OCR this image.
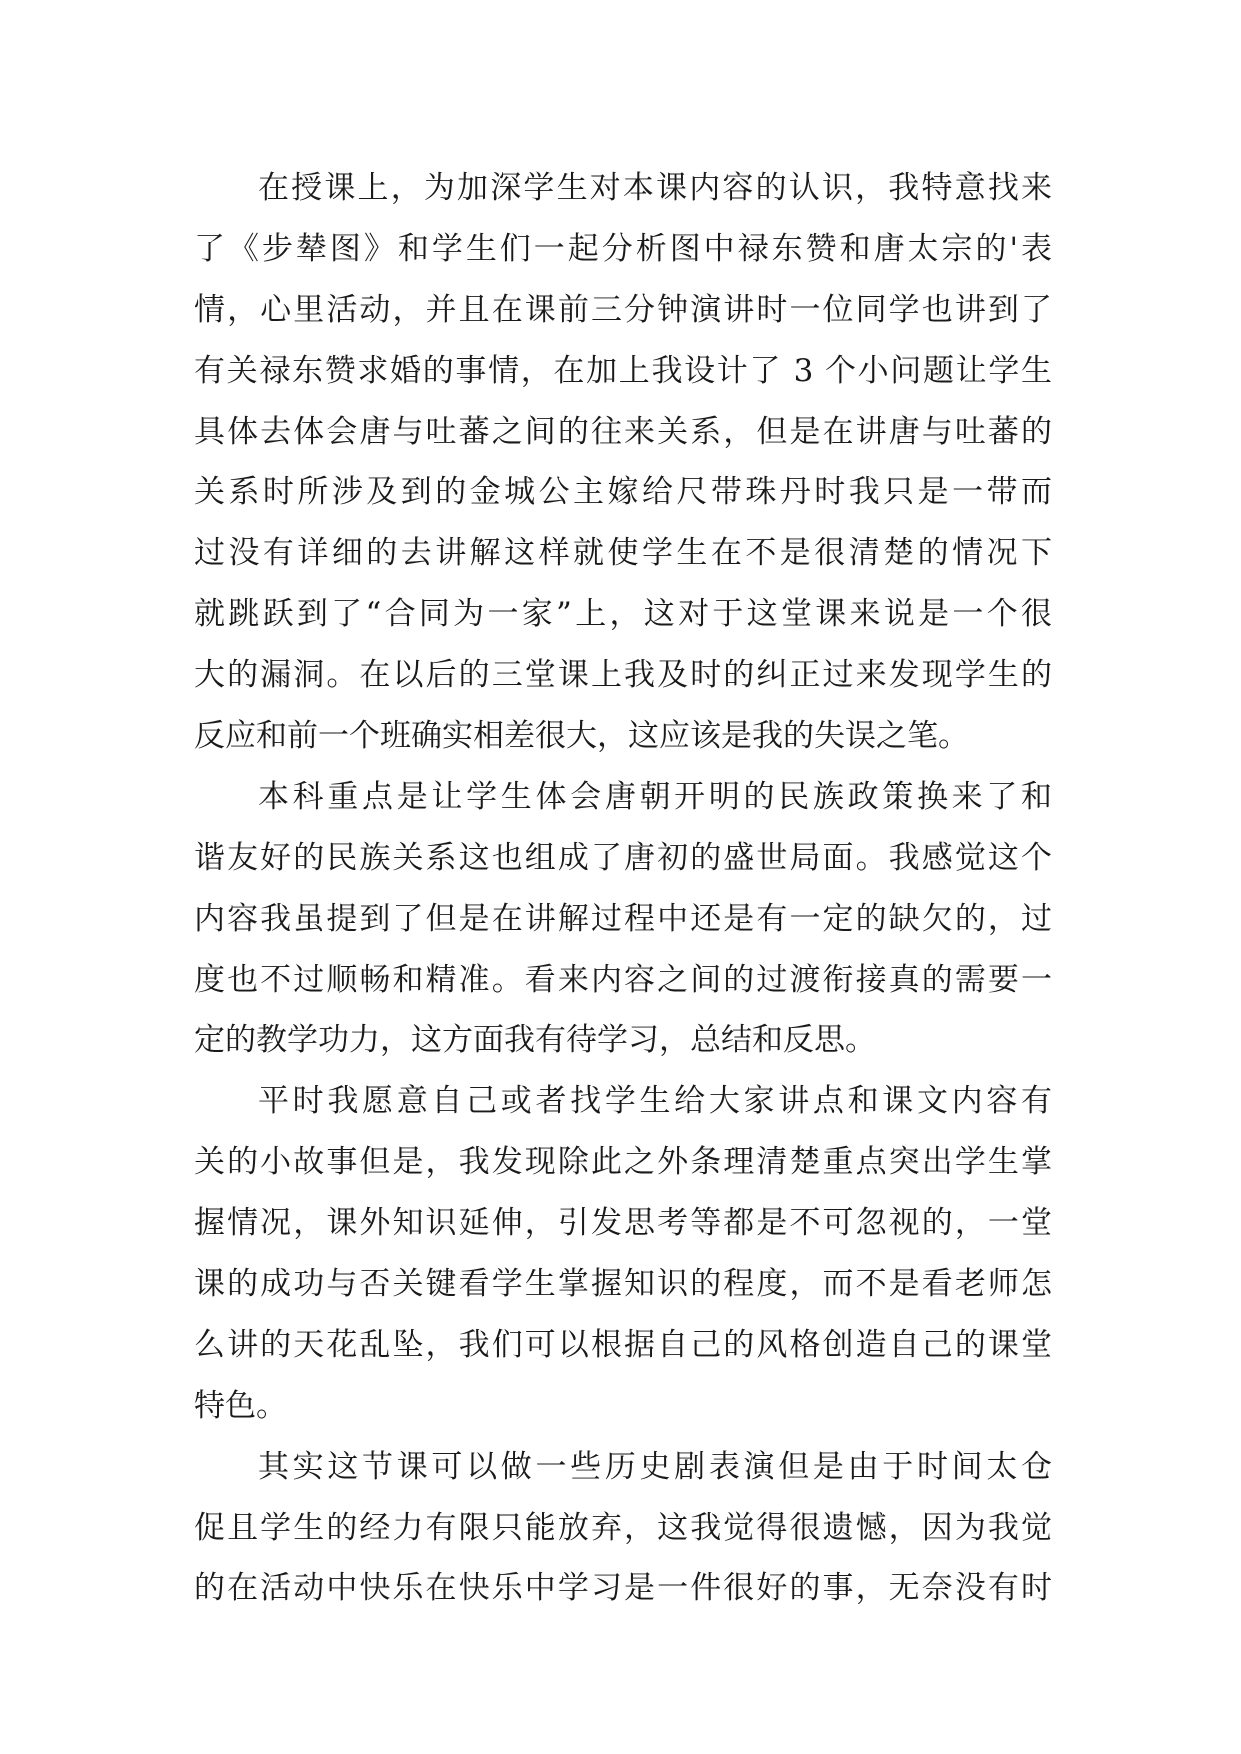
在授课上，为加深学生对本课内容的认识，我特意找来
了《步辇图》和学生们一起分析图中禄东赞和唐太宗的'表
情，心里活动，并且在课前三分钟演讲时一位同学也讲到了
有关禄东赞求婚的事情，在加上我设计了 3 个小问题让学生
具体去体会唐与吐蕃之间的往来关系，但是在讲唐与吐蕃的
关系时所涉及到的金城公主嫁给尺带珠丹时我只是一带而
过没有详细的去讲解这样就使学生在不是很清楚的情况下
就跳跃到了“合同为一家”上，这对于这堂课来说是一个很
大的漏洞。在以后的三堂课上我及时的纠正过来发现学生的
反应和前一个班确实相差很大，这应该是我的失误之笔。
本科重点是让学生体会唐朝开明的民族政策换来了和
谐友好的民族关系这也组成了唐初的盛世局面。我感觉这个
内容我虽提到了但是在讲解过程中还是有一定的缺欠的，过
度也不过顺畅和精准。看来内容之间的过渡衔接真的需要一
定的教学功力，这方面我有待学习，总结和反思。
平时我愿意自己或者找学生给大家讲点和课文内容有
关的小故事但是，我发现除此之外条理清楚重点突出学生掌
握情况，课外知识延伸，引发思考等都是不可忽视的，一堂
课的成功与否关键看学生掌握知识的程度，而不是看老师怎
么讲的天花乱坠，我们可以根据自己的风格创造自己的课堂
特色。
其实这节课可以做一些历史剧表演但是由于时间太仓
促且学生的经力有限只能放弃，这我觉得很遗憾，因为我觉
的在活动中快乐在快乐中学习是一件很好的事，无奈没有时
